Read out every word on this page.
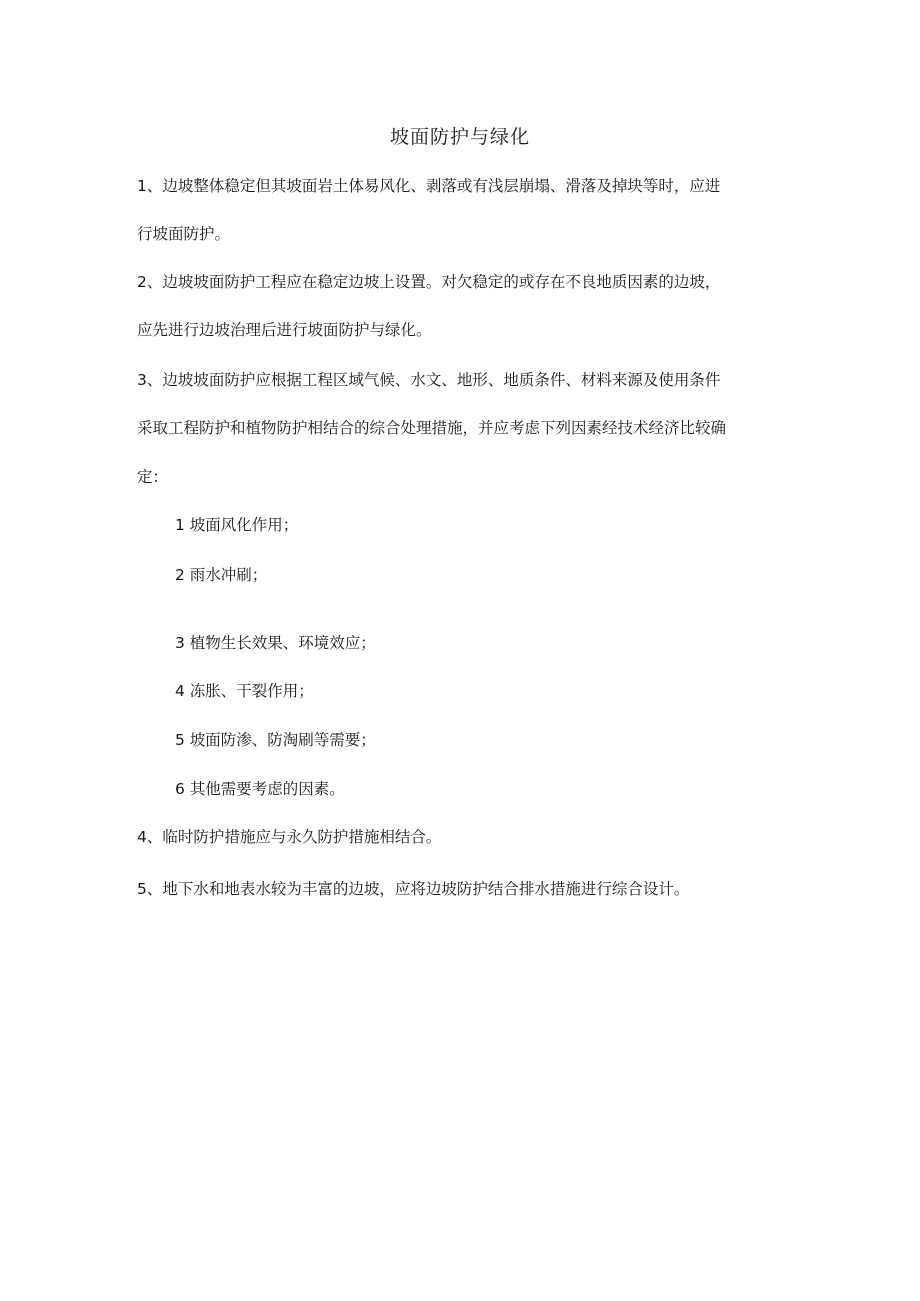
坡面防护与绿化
1、边坡整体稳定但其坡面岩土体易风化、剥落或有浅层崩塌、滑落及掉块等时，应进
行坡面防护。
2、边坡坡面防护工程应在稳定边坡上设置。对欠稳定的或存在不良地质因素的边坡，
应先进行边坡治理后进行坡面防护与绿化。
3、边坡坡面防护应根据工程区域气候、水文、地形、地质条件、材料来源及使用条件
采取工程防护和植物防护相结合的综合处理措施，并应考虑下列因素经技术经济比较确
定：
1 坡面风化作用；
2 雨水冲刷；
3 植物生长效果、环境效应；
4 冻胀、干裂作用；
5 坡面防渗、防淘刷等需要；
6 其他需要考虑的因素。
4、临时防护措施应与永久防护措施相结合。
5、地下水和地表水较为丰富的边坡，应将边坡防护结合排水措施进行综合设计。
